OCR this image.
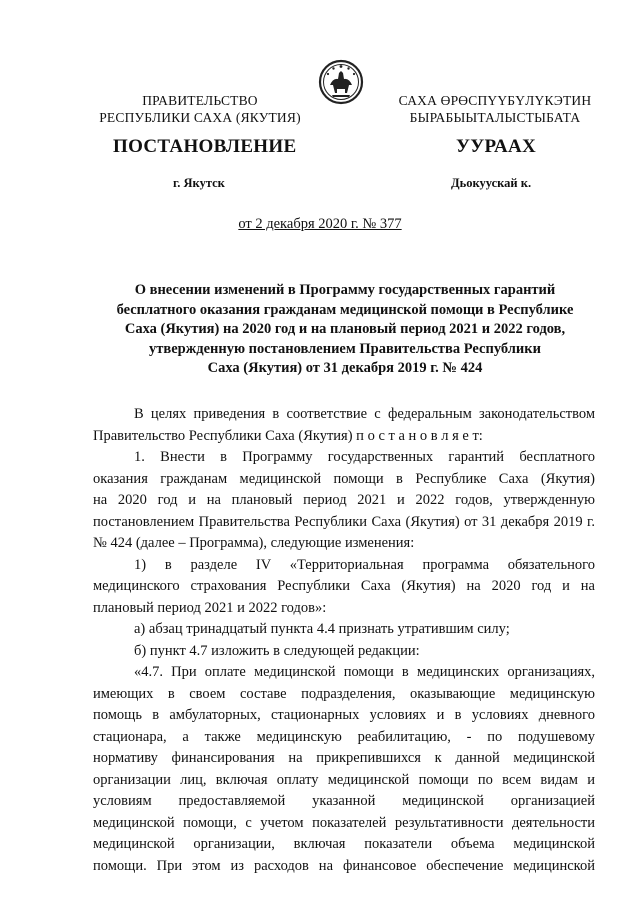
ПРАВИТЕЛЬСТВО
РЕСПУБЛИКИ САХА (ЯКУТИЯ)
САХА ӨРӨСПҮҮБҮЛҮКЭТИН
БЫРАБЫЫТАЛЫСТЫБАТА
ПОСТАНОВЛЕНИЕ	УУРААХ
г. Якутск	Дьокуускай к.
от 2 декабря 2020 г. № 377
О внесении изменений в Программу государственных гарантий
бесплатного оказания гражданам медицинской помощи в Республике
Саха (Якутия) на 2020 год и на плановый период 2021 и 2022 годов,
утвержденную постановлением Правительства Республики
Саха (Якутия) от 31 декабря 2019 г. № 424
В целях приведения в соответствие с федеральным законодательством
Правительство Республики Саха (Якутия) п о с т а н о в л я е т:
1. Внести в Программу государственных гарантий бесплатного
оказания гражданам медицинской помощи в Республике Саха (Якутия)
на 2020 год и на плановый период 2021 и 2022 годов, утвержденную
постановлением Правительства Республики Саха (Якутия) от 31 декабря 2019 г.
№ 424 (далее – Программа), следующие изменения:
1) в разделе IV «Территориальная программа обязательного
медицинского страхования Республики Саха (Якутия) на 2020 год и на
плановый период 2021 и 2022 годов»:
а) абзац тринадцатый пункта 4.4 признать утратившим силу;
б) пункт 4.7 изложить в следующей редакции:
«4.7. При оплате медицинской помощи в медицинских организациях,
имеющих в своем составе подразделения, оказывающие медицинскую
помощь в амбулаторных, стационарных условиях и в условиях дневного
стационара, а также медицинскую реабилитацию, - по подушевому
нормативу финансирования на прикрепившихся к данной медицинской
организации лиц, включая оплату медицинской помощи по всем видам и
условиям предоставляемой указанной медицинской организацией
медицинской помощи, с учетом показателей результативности деятельности
медицинской организации, включая показатели объема медицинской
помощи. При этом из расходов на финансовое обеспечение медицинской
